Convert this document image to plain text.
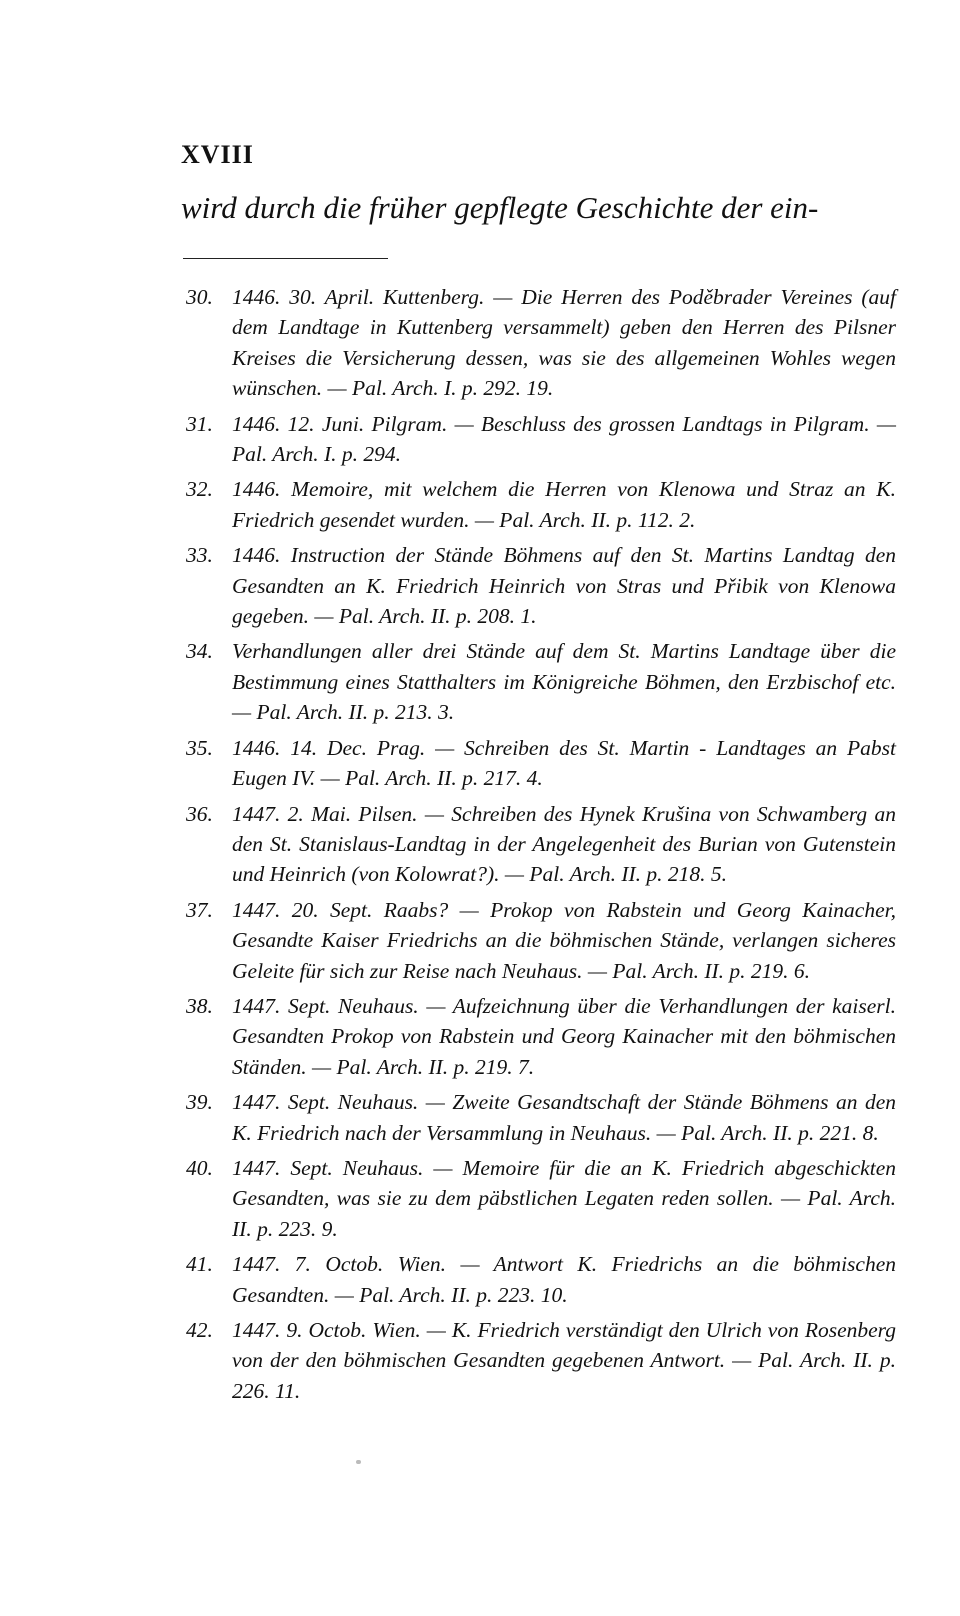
XVIII
wird durch die früher gepflegte Geschichte der ein-
30. 1446. 30. April. Kuttenberg. — Die Herren des Poděbrader Vereines (auf dem Landtage in Kuttenberg versammelt) geben den Herren des Pilsner Kreises die Versicherung dessen, was sie des allgemeinen Wohles wegen wünschen. — Pal. Arch. I. p. 292. 19.
31. 1446. 12. Juni. Pilgram. — Beschluss des grossen Landtags in Pilgram. — Pal. Arch. I. p. 294.
32. 1446. Memoire, mit welchem die Herren von Klenowa und Straz an K. Friedrich gesendet wurden. — Pal. Arch. II. p. 112. 2.
33. 1446. Instruction der Stände Böhmens auf den St. Martins Landtag den Gesandten an K. Friedrich Heinrich von Stras und Přibik von Klenowa gegeben. — Pal. Arch. II. p. 208. 1.
34. Verhandlungen aller drei Stände auf dem St. Martins Landtage über die Bestimmung eines Statthalters im Königreiche Böhmen, den Erzbischof etc. — Pal. Arch. II. p. 213. 3.
35. 1446. 14. Dec. Prag. — Schreiben des St. Martin - Landtages an Pabst Eugen IV. — Pal. Arch. II. p. 217. 4.
36. 1447. 2. Mai. Pilsen. — Schreiben des Hynek Krušina von Schwamberg an den St. Stanislaus-Landtag in der Angelegenheit des Burian von Gutenstein und Heinrich (von Kolowrat?). — Pal. Arch. II. p. 218. 5.
37. 1447. 20. Sept. Raabs? — Prokop von Rabstein und Georg Kainacher, Gesandte Kaiser Friedrichs an die böhmischen Stände, verlangen sicheres Geleite für sich zur Reise nach Neuhaus. — Pal. Arch. II. p. 219. 6.
38. 1447. Sept. Neuhaus. — Aufzeichnung über die Verhandlungen der kaiserl. Gesandten Prokop von Rabstein und Georg Kainacher mit den böhmischen Ständen. — Pal. Arch. II. p. 219. 7.
39. 1447. Sept. Neuhaus. — Zweite Gesandtschaft der Stände Böhmens an den K. Friedrich nach der Versammlung in Neuhaus. — Pal. Arch. II. p. 221. 8.
40. 1447. Sept. Neuhaus. — Memoire für die an K. Friedrich abgeschickten Gesandten, was sie zu dem päbstlichen Legaten reden sollen. — Pal. Arch. II. p. 223. 9.
41. 1447. 7. Octob. Wien. — Antwort K. Friedrichs an die böhmischen Gesandten. — Pal. Arch. II. p. 223. 10.
42. 1447. 9. Octob. Wien. — K. Friedrich verständigt den Ulrich von Rosenberg von der den böhmischen Gesandten gegebenen Antwort. — Pal. Arch. II. p. 226. 11.
